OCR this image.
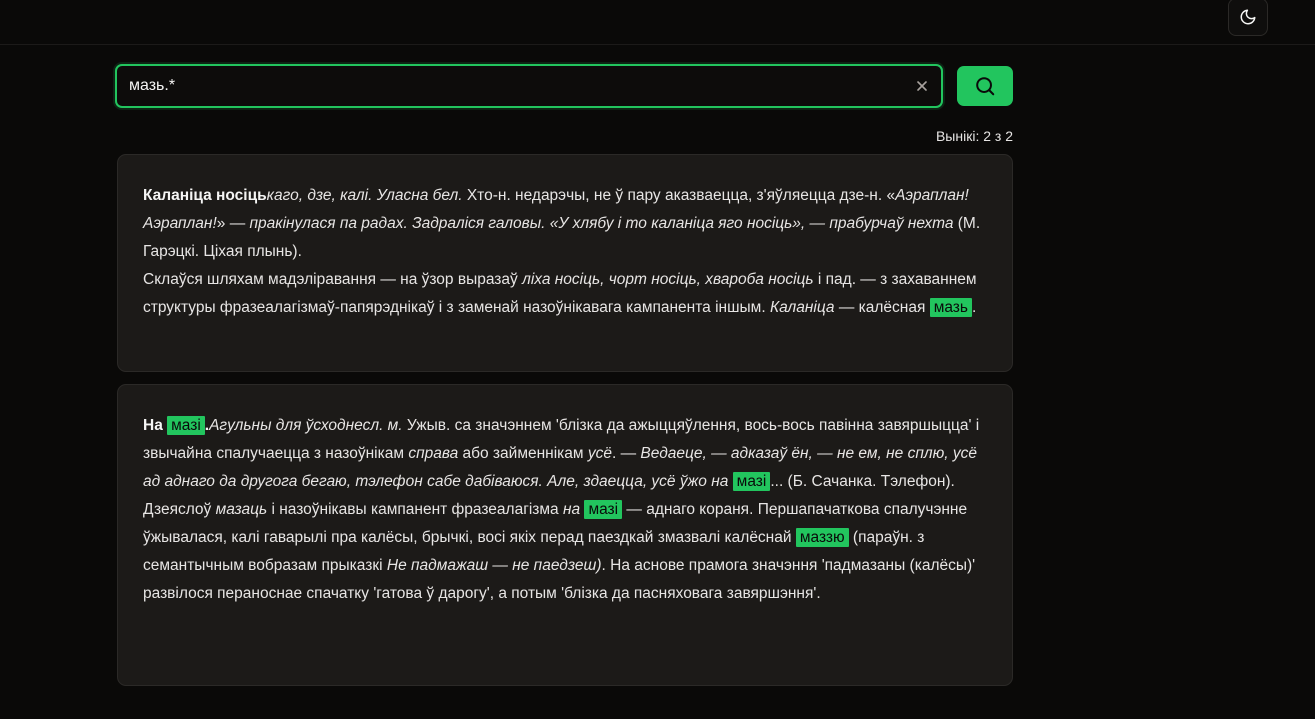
мазь.*
Вынікі: 2 з 2

Каланіца носіцькаго, дзе, калі. Уласна бел. Хто-н. недарэчы, не ў пару аказваецца, з'яўляецца дзе-н. «Аэраплан! Аэраплан!» — пракінулася па радах. Задраліся галовы. «У хлябу і то каланіца яго носіць», — прабурчаў нехта (М. Гарэцкі. Ціхая плынь).
Склаўся шляхам мадэліравання — на ўзор выразаў ліха носіць, чорт носіць, хвароба носіць і пад. — з захаваннем структуры фразеалагізмаў-папярэднікаў і з заменай назоўнікавага кампанента іншым. Каланіца — калёсная мазь .

На мазі .Агульны для ўсходнесл. м. Ужыв. са значэннем 'блізка да ажыццяўлення, вось-вось павінна завяршыцца' і звычайна спалучаецца з назоўнікам справа або займеннікам усё. — Ведаеце, — адказаў ён, — не ем, не сплю, усё ад аднаго да другога бегаю, тэлефон сабе дабіваюся. Але, здаецца, усё ўжо на мазі ... (Б. Сачанка. Тэлефон).
Дзеяслоў мазаць і назоўнікавы кампанент фразеалагізма на мазі — аднаго кораня. Першапачаткова спалучэнне ўжывалася, калі гаварылі пра калёсы, брычкі, восі якіх перад паездкай змазвалі калёснай маззю (параўн. з семантычным вобразам прыказкі Не падмажаш — не паедзеш). На аснове прамога значэння 'падмазаны (калёсы)' развілося пераноснае спачатку 'гатова ў дарогу', а потым 'блізка да пасняховага завяршэння'.
